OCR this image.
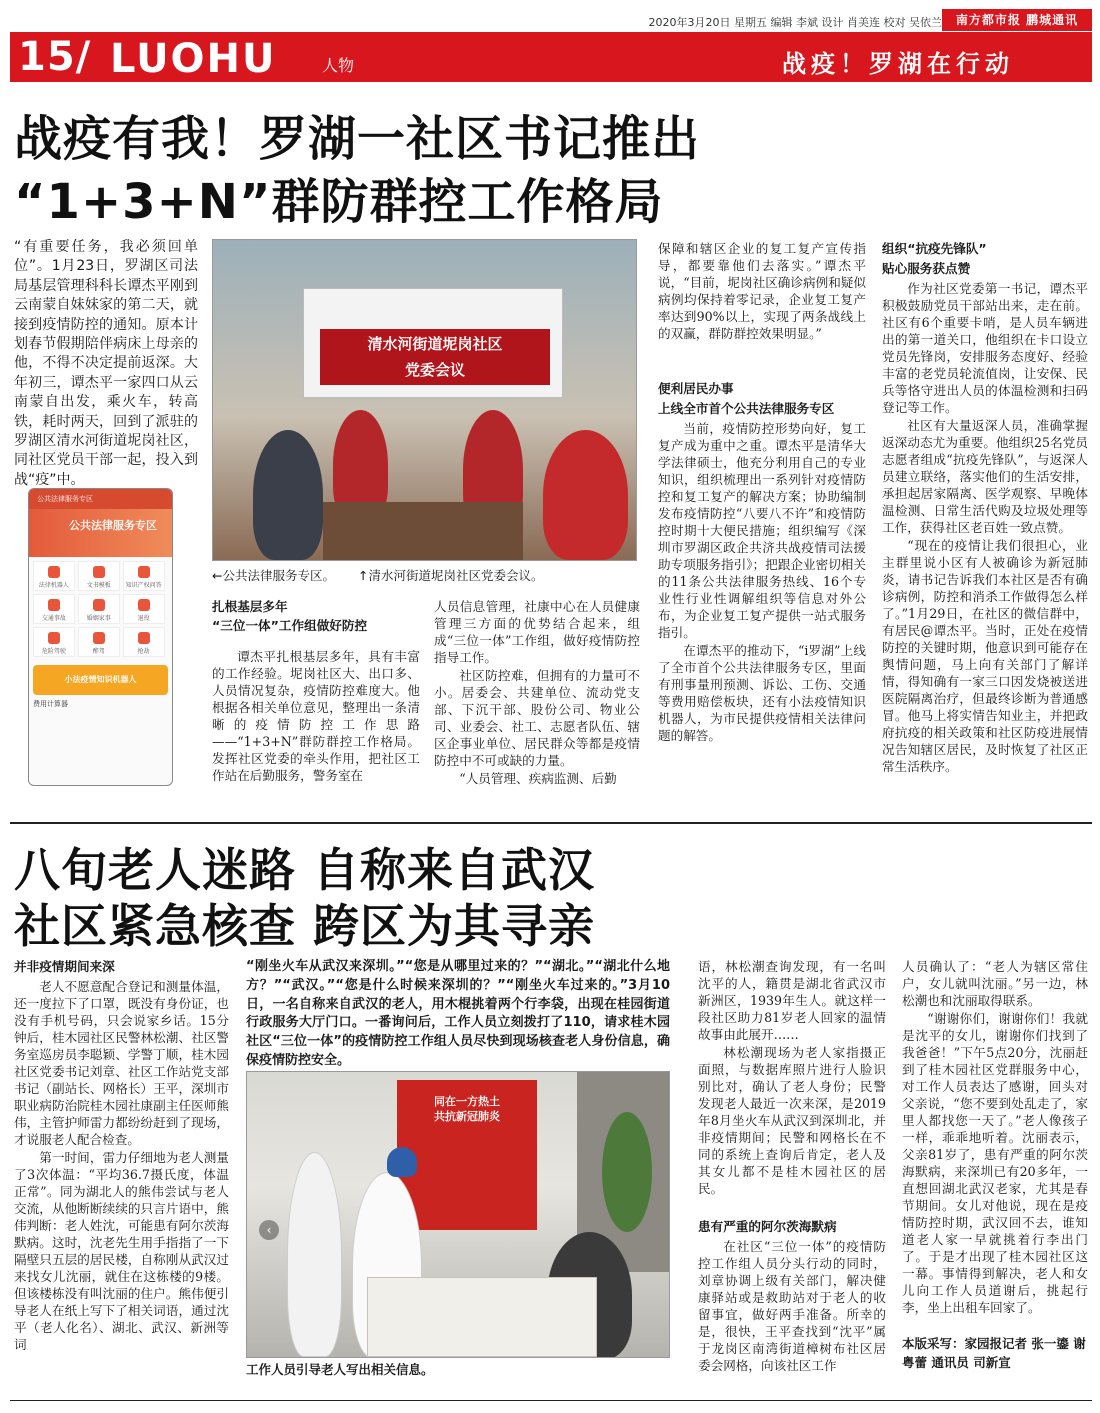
2020年3月20日 星期五 编辑 李斌 设计 肖美连 校对 吴依兰	南方都市报 鹏城通讯
15/ LUOHU	人物	战疫！罗湖在行动
战疫有我！罗湖一社区书记推出
“1+3+N”群防群控工作格局
“有重要任务，我必须回单位”。1月23日，罗湖区司法局基层管理科科长谭杰平刚到云南蒙自妹妹家的第二天，就接到疫情防控的通知。原本计划春节假期陪伴病床上母亲的他，不得不决定提前返深。大年初三，谭杰平一家四口从云南蒙自出发，乘火车，转高铁，耗时两天，回到了派驻的罗湖区清水河街道坭岗社区，同社区党员干部一起，投入到战“疫”中。
公共法律服务专区
公共法律服务专区
法律机器人	文书模板	知识产权问答
交通事故	婚姻家事	退役
危险驾驶	醉驾	抢劫
小法疫情知识机器人
费用计算器
清水河街道坭岗社区
党委会议
←公共法律服务专区。 ↑清水河街道坭岗社区党委会议。
扎根基层多年
“三位一体”工作组做好防控

谭杰平扎根基层多年，具有丰富的工作经验。坭岗社区大、出口多、人员情况复杂，疫情防控难度大。他根据各相关单位意见，整理出一条清晰的疫情防控工作思路——“1+3+N”群防群控工作格局。发挥社区党委的牵头作用，把社区工作站在后勤服务，警务室在

人员信息管理，社康中心在人员健康管理三方面的优势结合起来，组成“三位一体”工作组，做好疫情防控指导工作。

社区防控难，但拥有的力量可不小。居委会、共建单位、流动党支部、下沉干部、股份公司、物业公司、业委会、社工、志愿者队伍、辖区企事业单位、居民群众等都是疫情防控中不可或缺的力量。

“人员管理、疾病监测、后勤

保障和辖区企业的复工复产宣传指导，都要靠他们去落实。”谭杰平说，“目前，坭岗社区确诊病例和疑似病例均保持着零记录，企业复工复产率达到90%以上，实现了两条战线上的双赢，群防群控效果明显。”

便利居民办事
上线全市首个公共法律服务专区

当前，疫情防控形势向好，复工复产成为重中之重。谭杰平是清华大学法律硕士，他充分利用自己的专业知识，组织梳理出一系列针对疫情防控和复工复产的解决方案；协助编制发布疫情防控“八要八不许”和疫情防控时期十大便民措施；组织编写《深圳市罗湖区政企共济共战疫情司法援助专项服务指引》；把跟企业密切相关的11条公共法律服务热线、16个专业性行业性调解组织等信息对外公布，为企业复工复产提供一站式服务指引。

在谭杰平的推动下，“i罗湖”上线了全市首个公共法律服务专区，里面有刑事量刑预测、诉讼、工伤、交通等费用赔偿板块，还有小法疫情知识机器人，为市民提供疫情相关法律问题的解答。

组织“抗疫先锋队”
贴心服务获点赞

作为社区党委第一书记，谭杰平积极鼓励党员干部站出来，走在前。社区有6个重要卡哨，是人员车辆进出的第一道关口，他组织在卡口设立党员先锋岗，安排服务态度好、经验丰富的老党员轮流值岗，让安保、民兵等恪守进出人员的体温检测和扫码登记等工作。

社区有大量返深人员，准确掌握返深动态尤为重要。他组织25名党员志愿者组成“抗疫先锋队”，与返深人员建立联络，落实他们的生活安排，承担起居家隔离、医学观察、早晚体温检测、日常生活代购及垃圾处理等工作，获得社区老百姓一致点赞。

“现在的疫情让我们很担心，业主群里说小区有人被确诊为新冠肺炎，请书记告诉我们本社区是否有确诊病例，防控和消杀工作做得怎么样了。”1月29日，在社区的微信群中，有居民@谭杰平。当时，正处在疫情防控的关键时期，他意识到可能存在舆情问题，马上向有关部门了解详情，得知确有一家三口因发烧被送进医院隔离治疗，但最终诊断为普通感冒。他马上将实情告知业主，并把政府抗疫的相关政策和社区防疫进展情况告知辖区居民，及时恢复了社区正常生活秩序。

八旬老人迷路 自称来自武汉
社区紧急核查 跨区为其寻亲
并非疫情期间来深

老人不愿意配合登记和测量体温，还一度拉下了口罩，既没有身份证，也没有手机号码，只会说家乡话。15分钟后，桂木园社区民警林松潮、社区警务室巡房员李聪颖、学警丁顺，桂木园社区党委书记刘章、社区工作站党支部书记（副站长、网格长）王平，深圳市职业病防治院桂木园社康副主任医师熊伟，主管护师雷力都纷纷赶到了现场，才说服老人配合检查。

第一时间，雷力仔细地为老人测量了3次体温：“平均36.7摄氏度，体温正常”。同为湖北人的熊伟尝试与老人交流，从他断断续续的只言片语中，熊伟判断：老人姓沈，可能患有阿尔茨海默病。这时，沈老先生用手指指了一下隔壁只五层的居民楼，自称刚从武汉过来找女儿沈丽，就住在这栋楼的9楼。但该楼栋没有叫沈丽的住户。熊伟便引导老人在纸上写下了相关词语，通过沈平（老人化名）、湖北、武汉、新洲等词

“刚坐火车从武汉来深圳。”“您是从哪里过来的？”“湖北。”“湖北什么地方？”“武汉。”“您是什么时候来深圳的？”“刚坐火车过来的。”3月10日，一名自称来自武汉的老人，用木棍挑着两个行李袋，出现在桂园街道行政服务大厅门口。一番询问后，工作人员立刻拨打了110，请求桂木园社区“三位一体”的疫情防控工作组人员尽快到现场核查老人身份信息，确保疫情防控安全。
同在一方热土
共抗新冠肺炎
‹
工作人员引导老人写出相关信息。

语，林松潮查询发现，有一名叫沈平的人，籍贯是湖北省武汉市新洲区，1939年生人。就这样一段社区助力81岁老人回家的温情故事由此展开……

林松潮现场为老人家指摄正面照，与数据库照片进行人脸识别比对，确认了老人身份；民警发现老人最近一次来深，是2019年8月坐火车从武汉到深圳北，并非疫情期间；民警和网格长在不同的系统上查询后肯定，老人及其女儿都不是桂木园社区的居民。

患有严重的阿尔茨海默病

在社区“三位一体”的疫情防控工作组人员分头行动的同时，刘章协调上级有关部门，解决健康驿站或是救助站对于老人的收留事宜，做好两手准备。所幸的是，很快，王平查找到“沈平”属于龙岗区南湾街道樟树布社区居委会网格，向该社区工作

人员确认了：“老人为辖区常住户，女儿就叫沈丽。”另一边，林松潮也和沈丽取得联系。

“谢谢你们，谢谢你们！我就是沈平的女儿，谢谢你们找到了我爸爸！”下午5点20分，沈丽赶到了桂木园社区党群服务中心，对工作人员表达了感谢，回头对父亲说，“您不要到处乱走了，家里人都找您一天了。”老人像孩子一样，乖乖地听着。沈丽表示，父亲81岁了，患有严重的阿尔茨海默病，来深圳已有20多年，一直想回湖北武汉老家，尤其是春节期间。女儿对他说，现在是疫情防控时期，武汉回不去，谁知道老人家一早就挑着行李出门了。于是才出现了桂木园社区这一幕。事情得到解决，老人和女儿向工作人员道谢后，挑起行李，坐上出租车回家了。

本版采写：家园报记者 张一鎏 谢粤蕾 通讯员 司新宣
